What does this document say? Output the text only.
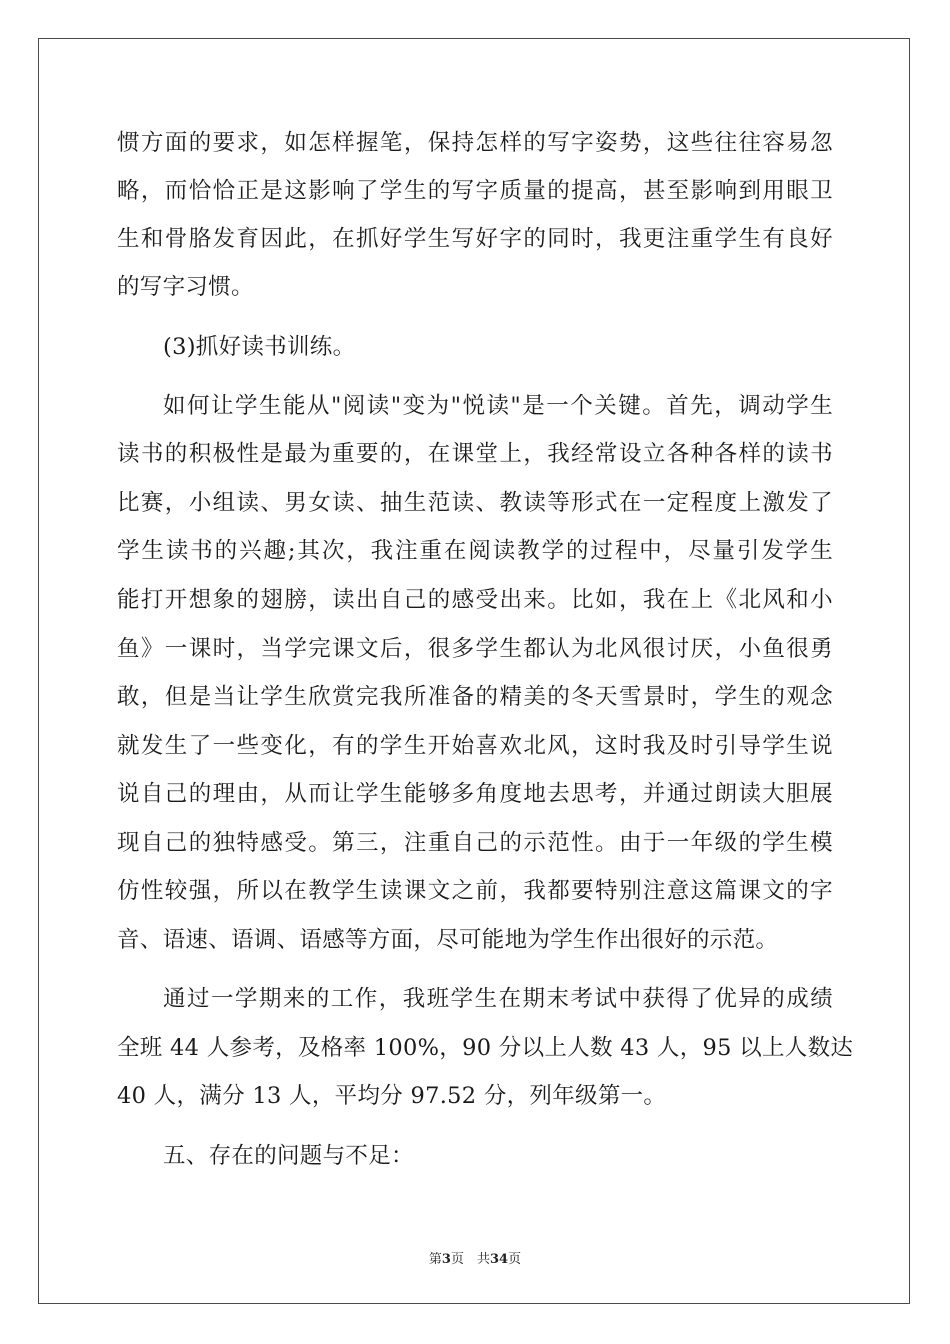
惯方面的要求，如怎样握笔，保持怎样的写字姿势，这些往往容易忽
略，而恰恰正是这影响了学生的写字质量的提高，甚至影响到用眼卫
生和骨胳发育因此，在抓好学生写好字的同时，我更注重学生有良好
的写字习惯。
(3)抓好读书训练。
如何让学生能从"阅读"变为"悦读"是一个关键。首先，调动学生
读书的积极性是最为重要的，在课堂上，我经常设立各种各样的读书
比赛，小组读、男女读、抽生范读、教读等形式在一定程度上激发了
学生读书的兴趣;其次，我注重在阅读教学的过程中，尽量引发学生
能打开想象的翅膀，读出自己的感受出来。比如，我在上《北风和小
鱼》一课时，当学完课文后，很多学生都认为北风很讨厌，小鱼很勇
敢，但是当让学生欣赏完我所准备的精美的冬天雪景时，学生的观念
就发生了一些变化，有的学生开始喜欢北风，这时我及时引导学生说
说自己的理由，从而让学生能够多角度地去思考，并通过朗读大胆展
现自己的独特感受。第三，注重自己的示范性。由于一年级的学生模
仿性较强，所以在教学生读课文之前，我都要特别注意这篇课文的字
音、语速、语调、语感等方面，尽可能地为学生作出很好的示范。
通过一学期来的工作，我班学生在期末考试中获得了优异的成绩
全班 44 人参考，及格率 100%，90 分以上人数 43 人，95 以上人数达
40 人，满分 13 人，平均分 97.52 分，列年级第一。
五、存在的问题与不足：
第3页  共34页
